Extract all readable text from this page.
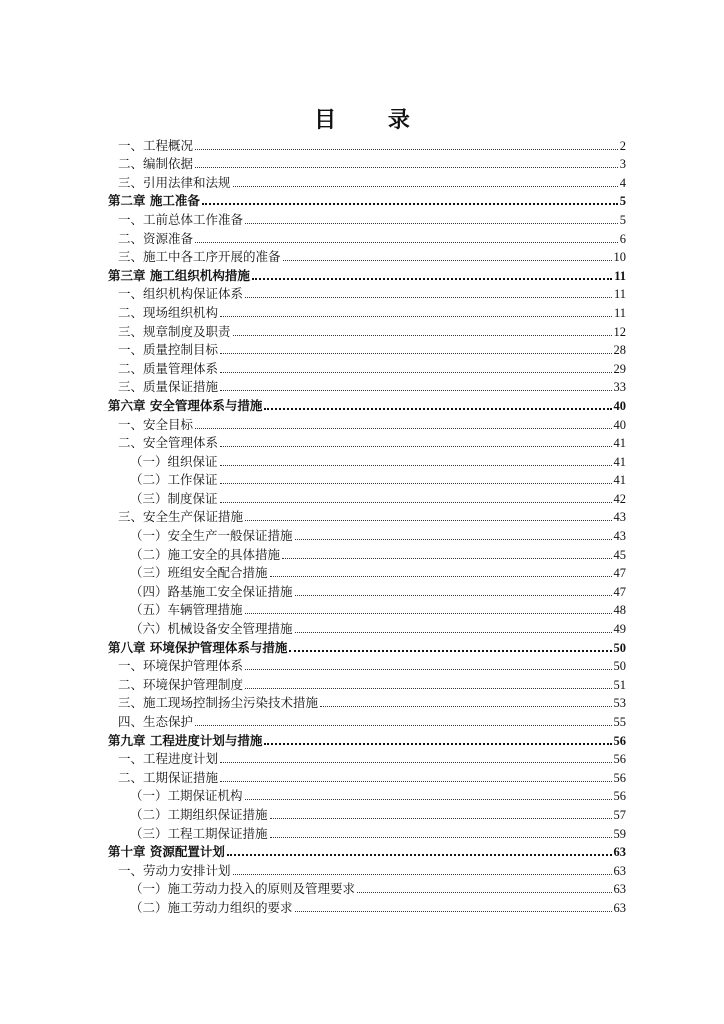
目 录
一、工程概况	2
二、编制依据	3
三、引用法律和法规	4
第二章 施工准备	5
一、工前总体工作准备	5
二、资源准备	6
三、施工中各工序开展的准备	10
第三章 施工组织机构措施	11
一、组织机构保证体系	11
二、现场组织机构	11
三、规章制度及职责	12
一、质量控制目标	28
二、质量管理体系	29
三、质量保证措施	33
第六章 安全管理体系与措施	40
一、安全目标	40
二、安全管理体系	41
（一）组织保证	41
（二）工作保证	41
（三）制度保证	42
三、安全生产保证措施	43
（一）安全生产一般保证措施	43
（二）施工安全的具体措施	45
（三）班组安全配合措施	47
（四）路基施工安全保证措施	47
（五）车辆管理措施	48
（六）机械设备安全管理措施	49
第八章 环境保护管理体系与措施	50
一、环境保护管理体系	50
二、环境保护管理制度	51
三、施工现场控制扬尘污染技术措施	53
四、生态保护	55
第九章 工程进度计划与措施	56
一、工程进度计划	56
二、工期保证措施	56
（一）工期保证机构	56
（二）工期组织保证措施	57
（三）工程工期保证措施	59
第十章 资源配置计划	63
一、劳动力安排计划	63
（一）施工劳动力投入的原则及管理要求	63
（二）施工劳动力组织的要求	63
